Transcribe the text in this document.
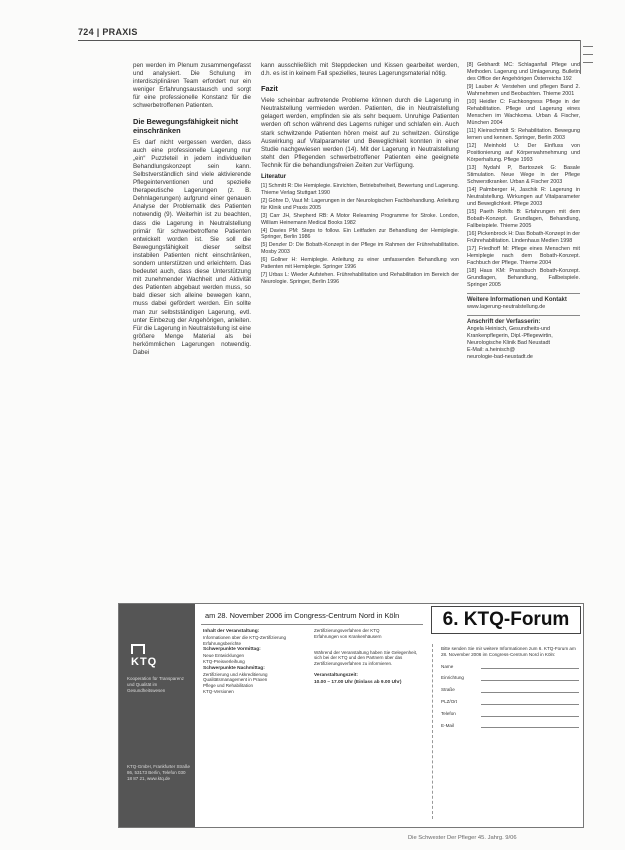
724 | PRAXIS

pen werden im Plenum zusammengefasst und analysiert. Die Schulung im interdisziplinären Team erfordert nur ein weniger Erfahrungsaustausch und sorgt für eine professionelle Konstanz für die schwerbetroffenen Patienten.

Die Bewegungsfähigkeit nicht einschränken

Es darf nicht vergessen werden, dass auch eine professionelle Lagerung nur „ein“ Puzzleteil in jedem individuellen Behandlungskonzept sein kann. Selbstverständlich sind viele aktivierende Pflegeinterventionen und spezielle therapeutische Lagerungen (z. B. Dehnlagerungen) aufgrund einer genauen Analyse der Problematik des Patienten notwendig (9). Weiterhin ist zu beachten, dass die Lagerung in Neutralstellung primär für schwerbetroffene Patienten entwickelt worden ist. Sie soll die Bewegungsfähigkeit dieser selbst instabilen Patienten nicht einschränken, sondern unterstützen und erleichtern. Das bedeutet auch, dass diese Unterstützung mit zunehmender Wachheit und Aktivität des Patienten abgebaut werden muss, so bald dieser sich alleine bewegen kann, muss dabei gefördert werden. Ein sollte man zur selbstständigen Lagerung, evtl. unter Einbezug der Angehörigen, anleiten. Für die Lagerung in Neutralstellung ist eine größere Menge Material als bei herkömmlichen Lagerungen notwendig. Dabei

kann ausschließlich mit Steppdecken und Kissen gearbeitet werden, d.h. es ist in keinem Fall spezielles, teures Lagerungsmaterial nötig.

Fazit

Viele scheinbar auftretende Probleme können durch die Lagerung in Neutralstellung vermieden werden. Patienten, die in Neutralstellung gelagert werden, empfinden sie als sehr bequem. Unruhige Patienten werden oft schon während des Lagerns ruhiger und schlafen ein. Auch stark schwitzende Patienten hören meist auf zu schwitzen. Günstige Auswirkung auf Vitalparameter und Beweglichkeit konnten in einer Studie nachgewiesen werden (14). Mit der Lagerung in Neutralstellung steht den Pflegenden schwerbetroffener Patienten eine geeignete Technik für die behandlungsfreien Zeiten zur Verfügung.

Literatur
[1] Schmitt R: Die Hemiplegie. Einrichten, Betriebsfreiheit, Bewertung und Lagerung. Thieme Verlag Stuttgart 1990
[2] Göhre D, Vaut M: Lagerungen in der Neurologischen Fachbehandlung. Anleitung für Klinik und Praxis 2005
[3] Carr JH, Shepherd RB: A Motor Relearning Programme for Stroke. London, William Heinemann Medical Books 1982
[4] Davies PM: Steps to follow. Ein Leitfaden zur Behandlung der Hemiplegie. Springer, Berlin 1986
[5] Denzler D: Die Bobath-Konzept in der Pflege im Rahmen der Frührehabilitation. Mosby 2003
[6] Gollner H: Hemiplegie. Anleitung zu einer umfassenden Behandlung von Patienten mit Hemiplegie. Springer 1996
[7] Urbas L: Wieder Aufstehen. Frührehabilitation und Rehabilitation im Bereich der Neurologie. Springer, Berlin 1996
[8] Gebhardt MC: Schlaganfall Pflege und Methoden. Lagerung und Umlagerung. Bulletin des Office der Angehörigen Österreichs 192
[9] Lauber A: Verstehen und pflegen Band 2. Wahrnehmen und Beobachten. Thieme 2001
[10] Heidler C: Fachkongress Pflege in der Rehabilitation. Pflege und Lagerung eines Menschen im Wachkoma. Urban & Fischer, München 2004
[11] Kleinschmidt S: Rehabilitation. Bewegung lernen und kennen. Springer, Berlin 2003
[12] Meinhold U: Der Einfluss von Positionierung auf Körperwahrnehmung und Körperhaltung. Pflege 1993
[13] Nydahl P, Bartoszek G: Basale Stimulation. Neue Wege in der Pflege Schwerstkranker. Urban & Fischer 2003
[14] Palmberger H, Jaschik R: Lagerung in Neutralstellung. Wirkungen auf Vitalparameter und Beweglichkeit. Pflege 2003
[15] Paeth Rohlfs B: Erfahrungen mit dem Bobath-Konzept. Grundlagen, Behandlung, Fallbeispiele. Thieme 2005
[16] Pickenbrock H: Das Bobath-Konzept in der Frührehabilitation. Lindenhaus Medien 1998
[17] Friedhoff M: Pflege eines Menschen mit Hemiplegie nach dem Bobath-Konzept. Fachbuch der Pflege. Thieme 2004
[18] Haus KM: Praxisbuch Bobath-Konzept. Grundlagen, Behandlung, Fallbeispiele. Springer 2005
Weitere Informationen und Kontakt
www.lagerung-neutralstellung.de
Anschrift der Verfasserin:
Angela Heinisch, Gesundheits-und
Krankenpflegerin, Dipl.-Pflegewirtin,
Neurologische Klinik Bad Neustadt
E-Mail: a.heinisch@
neurologie-bad-neustadt.de
KTQ
Kooperation für Transparenz und Qualität im Gesundheitswesen
KTQ-GmbH, Frankfurter Straße 86, 53173 Berlin, Telefon 030 18 87 21, www.ktq.de
am 28. November 2006 im Congress-Centrum Nord in Köln	6. KTQ-Forum
Inhalt der Veranstaltung:
Informationen über die KTQ-Zertifizierung
Erfahrungsberichte
Schwerpunkte Vormittag:
Neue Entwicklungen
KTQ-Preisverleihung
Schwerpunkte Nachmittag:
Zertifizierung und Akkreditierung
Qualitätsmanagement in Praxen
Pflege und Rehabilitation
KTQ-Versionen
Zertifizierungsverfahren der KTQ
Erfahrungen von Krankenhäusern

Während der Veranstaltung haben Sie Gelegenheit, sich bei der KTQ und den Partnern über das Zertifizierungsverfahren zu informieren.

Veranstaltungszeit:
10.00 – 17.00 Uhr (Einlass ab 9.00 Uhr)

Bitte senden Sie mir weitere Informationen zum 6. KTQ-Forum am 28. November 2006 im Congress-Centrum Nord in Köln:

Name
Einrichtung
Straße
PLZ/Ort
Telefon
E-Mail
Die Schwester Der Pfleger 45. Jahrg. 9/06
